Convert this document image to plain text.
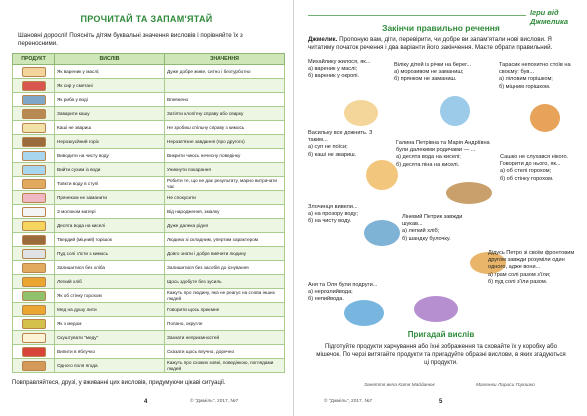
ПРОЧИТАЙ ТА ЗАПАМ'ЯТАЙ
Шановні дорослі! Поясніть дітям буквальні значення висловів і порівняйте їх з переносними.
ПРОДУКТ	ВИСЛІВ	ЗНАЧЕННЯ

	Як вареник у маслі;	Дуже добре живе, ситно і безтурботно

	Як сир у сметані	

	Як риба у воді	Впевнено

	Заварити кашу	Затіяти клопітну справу або сварку

	Каші не звариш	Не зробиш спільну справу з кимось

	Нерозкусйний горіх	Нерозв'язне завдання (про другого)

	Виводити на чисту воду	Викрити чиюсь нечесну поведінку

	Вийти сухим із води	Уникнути покарання

	Товкти воду в ступі	Робити те, що не дає результату, марно витрачати час

	Прянеком не заманити	Не спокусити

	З молоком матері	Від народження, змалку

	Десята вода на киселі	Дуже далека рідня

	Твердий (міцний) горішок	Людина зі складним, упертим характером

	Пуд солі з'їсти з кимось	Довго знати і добре вивчити людину

	Залишитися без хліба	Залишитися без засобів до існування

	Легкий хліб	Щось здобуте без зусиль

	Як об стінку горохом	Кажуть про людину, яка не реагує на слова інших людей

	Мед на душу лити	Говорити щось приємне

	Як з медом	Попано, округле

	Скуштувати "меду"	Зазнати неприємностей

	Випити в яблучко	Сказати щось влучно, доречно

	Одного поля ягода	Кажуть про схожих зовні, поведінкою, поглядами людей
Повправляйтеся, друзі, у вживанні цих висловів, придумуючи цікаві ситуації.
4	© "Джміль", 2017, №7
Ігри від Джмелика
Закінчи правильно речення
Джмелик. Пропоную вам, діти, перевірити, чи добре ви запам'ятали нові вислови. Я читатиму початок речення і два варіанти його закінчення. Маєте обрати правильний.
Михайлику жилося, як...
а) вареник у маслі;
б) вареник у окропі.
Віліку дітей із річки на берег...
а) морозивом не заманиш;
б) прянком не заманиш.
Тарасик непохитно стоїв на своєму: був...
а) ліловим горішком;
б) міцним горішком.
Васильку все дожнить. З таким...
а) суп не поїси;
б) каші не звариш.
Галина Петрівна та Марія Андріївна були далекими родичами — ...
а) десята вода на киселі;
б) десята піна на киселі.
Сашко не слухався нікого. Говорити до нього, як...
а) об стелі горохом;
б) об стінку горохом.
Злочинця вивели...
а) на прозору воду;
б) на чисту воду.
Ліневий Петрик завжди шукав...
а) легкий хліб;
б) шандку булочку.
Аня та Оля були подруги...
а) нерозлийвода;
б) непийвода.
Дідусь Петро зі своїм фронтовим другом завжди розуміли один одного, адже вони...
а) грам солі разом з'їли;
б) пуд солі з'їли разом.
Пригадай вислів
Підготуйте продукти харчування або їхні зображення та сховайте їх у коробку або мішечок. По черзі витягайте продукти та пригадуйте образні вислови, в яких згадуються ці продукти.
Заняття вела Катя Майданюк	Малюнки Лариси Горошко
© "Джміль", 2017, №7	5
